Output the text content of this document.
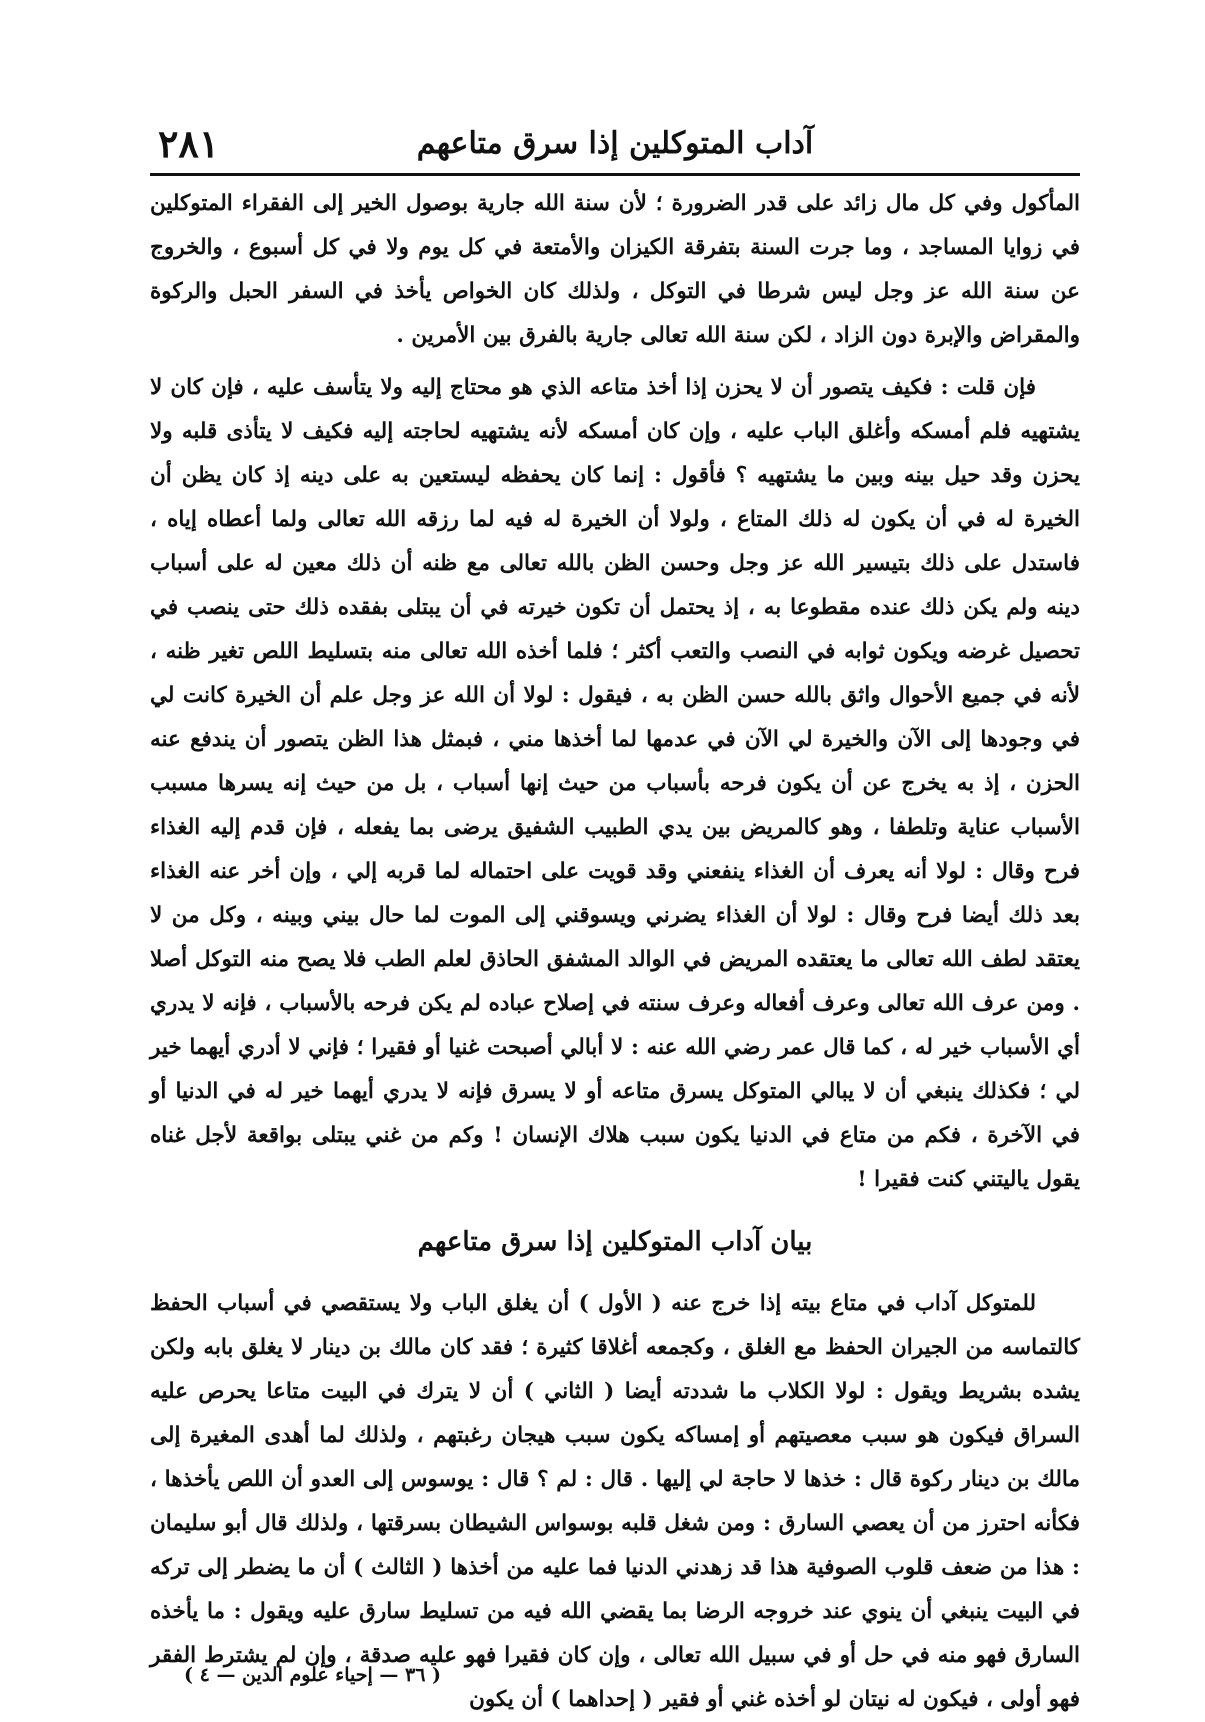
آداب المتوكلين إذا سرق متاعهم
٢٨١

المأكول وفي كل مال زائد على قدر الضرورة ؛ لأن سنة الله جارية بوصول الخير إلى الفقراء المتوكلين في زوايا المساجد ، وما جرت السنة بتفرقة الكيزان والأمتعة في كل يوم ولا في كل أسبوع ، والخروج عن سنة الله عز وجل ليس شرطا في التوكل ، ولذلك كان الخواص يأخذ في السفر الحبل والركوة والمقراض والإبرة دون الزاد ، لكن سنة الله تعالى جارية بالفرق بين الأمرين .

فإن قلت : فكيف يتصور أن لا يحزن إذا أخذ متاعه الذي هو محتاج إليه ولا يتأسف عليه ، فإن كان لا يشتهيه فلم أمسكه وأغلق الباب عليه ، وإن كان أمسكه لأنه يشتهيه لحاجته إليه فكيف لا يتأذى قلبه ولا يحزن وقد حيل بينه وبين ما يشتهيه ؟ فأقول : إنما كان يحفظه ليستعين به على دينه إذ كان يظن أن الخيرة له في أن يكون له ذلك المتاع ، ولولا أن الخيرة له فيه لما رزقه الله تعالى ولما أعطاه إياه ، فاستدل على ذلك بتيسير الله عز وجل وحسن الظن بالله تعالى مع ظنه أن ذلك معين له على أسباب دينه ولم يكن ذلك عنده مقطوعا به ، إذ يحتمل أن تكون خيرته في أن يبتلى بفقده ذلك حتى ينصب في تحصيل غرضه ويكون ثوابه في النصب والتعب أكثر ؛ فلما أخذه الله تعالى منه بتسليط اللص تغير ظنه ، لأنه في جميع الأحوال واثق بالله حسن الظن به ، فيقول : لولا أن الله عز وجل علم أن الخيرة كانت لي في وجودها إلى الآن والخيرة لي الآن في عدمها لما أخذها مني ، فبمثل هذا الظن يتصور أن يندفع عنه الحزن ، إذ به يخرج عن أن يكون فرحه بأسباب من حيث إنها أسباب ، بل من حيث إنه يسرها مسبب الأسباب عناية وتلطفا ، وهو كالمريض بين يدي الطبيب الشفيق يرضى بما يفعله ، فإن قدم إليه الغذاء فرح وقال : لولا أنه يعرف أن الغذاء ينفعني وقد قويت على احتماله لما قربه إلي ، وإن أخر عنه الغذاء بعد ذلك أيضا فرح وقال : لولا أن الغذاء يضرني ويسوقني إلى الموت لما حال بيني وبينه ، وكل من لا يعتقد لطف الله تعالى ما يعتقده المريض في الوالد المشفق الحاذق لعلم الطب فلا يصح منه التوكل أصلا . ومن عرف الله تعالى وعرف أفعاله وعرف سنته في إصلاح عباده لم يكن فرحه بالأسباب ، فإنه لا يدري أي الأسباب خير له ، كما قال عمر رضي الله عنه : لا أبالي أصبحت غنيا أو فقيرا ؛ فإني لا أدري أيهما خير لي ؛ فكذلك ينبغي أن لا يبالي المتوكل يسرق متاعه أو لا يسرق فإنه لا يدري أيهما خير له في الدنيا أو في الآخرة ، فكم من متاع في الدنيا يكون سبب هلاك الإنسان ! وكم من غني يبتلى بواقعة لأجل غناه يقول ياليتني كنت فقيرا !

بيان آداب المتوكلين إذا سرق متاعهم

للمتوكل آداب في متاع بيته إذا خرج عنه ( الأول ) أن يغلق الباب ولا يستقصي في أسباب الحفظ كالتماسه من الجيران الحفظ مع الغلق ، وكجمعه أغلاقا كثيرة ؛ فقد كان مالك بن دينار لا يغلق بابه ولكن يشده بشريط ويقول : لولا الكلاب ما شددته أيضا ( الثاني ) أن لا يترك في البيت متاعا يحرص عليه السراق فيكون هو سبب معصيتهم أو إمساكه يكون سبب هيجان رغبتهم ، ولذلك لما أهدى المغيرة إلى مالك بن دينار ركوة قال : خذها لا حاجة لي إليها . قال : لم ؟ قال : يوسوس إلى العدو أن اللص يأخذها ، فكأنه احترز من أن يعصي السارق : ومن شغل قلبه بوسواس الشيطان بسرقتها ، ولذلك قال أبو سليمان : هذا من ضعف قلوب الصوفية هذا قد زهدني الدنيا فما عليه من أخذها ( الثالث ) أن ما يضطر إلى تركه في البيت ينبغي أن ينوي عند خروجه الرضا بما يقضي الله فيه من تسليط سارق عليه ويقول : ما يأخذه السارق فهو منه في حل أو في سبيل الله تعالى ، وإن كان فقيرا فهو عليه صدقة ، وإن لم يشترط الفقر فهو أولى ، فيكون له نيتان لو أخذه غني أو فقير ( إحداهما ) أن يكون

( ٣٦ — إحياء علوم الدين — ٤ )
